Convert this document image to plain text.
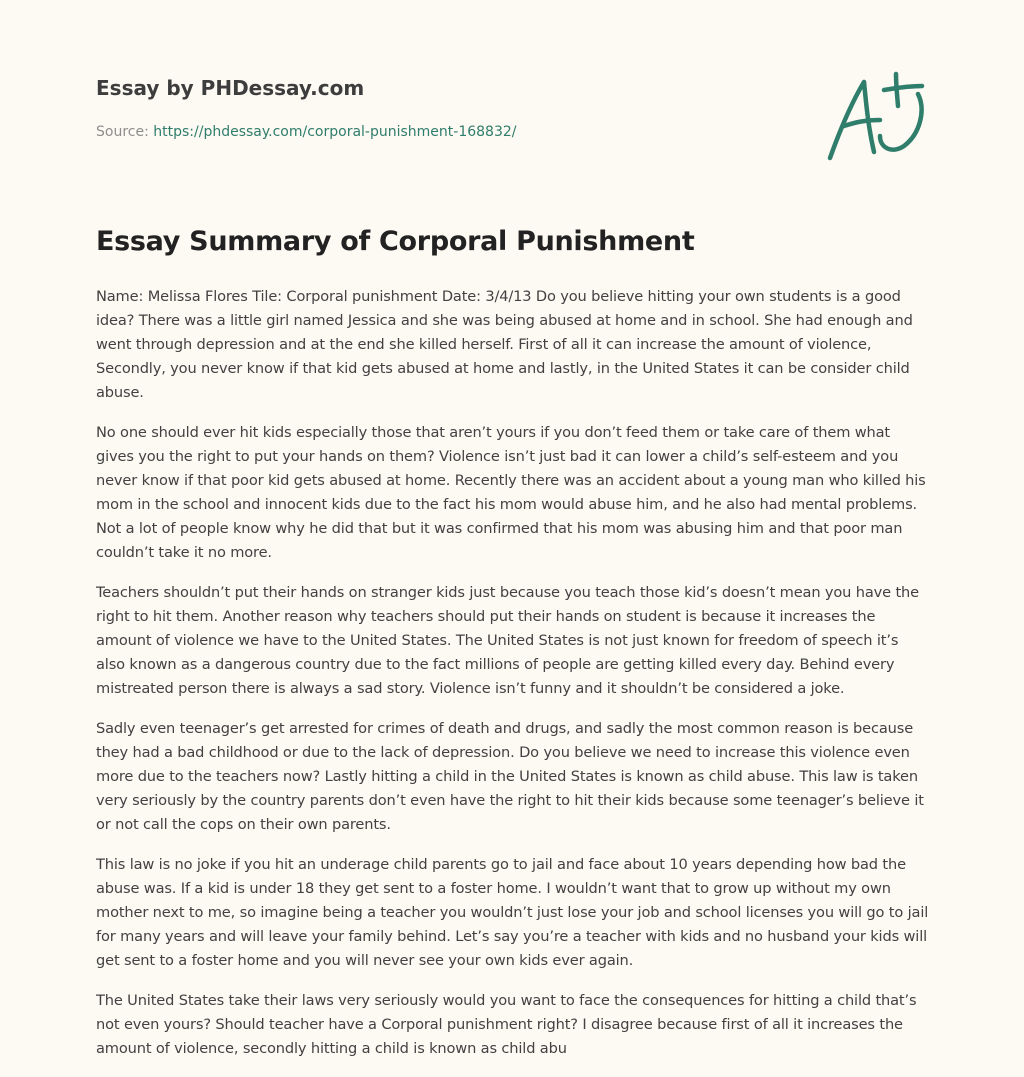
Essay by PHDessay.com
Source: https://phdessay.com/corporal-punishment-168832/
Essay Summary of Corporal Punishment

Name: Melissa Flores Tile: Corporal punishment Date: 3/4/13 Do you believe hitting your own students is a good idea? There was a little girl named Jessica and she was being abused at home and in school. She had enough and went through depression and at the end she killed herself. First of all it can increase the amount of violence, Secondly, you never know if that kid gets abused at home and lastly, in the United States it can be consider child abuse.

No one should ever hit kids especially those that aren’t yours if you don’t feed them or take care of them what gives you the right to put your hands on them? Violence isn’t just bad it can lower a child’s self-esteem and you never know if that poor kid gets abused at home. Recently there was an accident about a young man who killed his mom in the school and innocent kids due to the fact his mom would abuse him, and he also had mental problems. Not a lot of people know why he did that but it was confirmed that his mom was abusing him and that poor man couldn’t take it no more.

Teachers shouldn’t put their hands on stranger kids just because you teach those kid’s doesn’t mean you have the right to hit them. Another reason why teachers should put their hands on student is because it increases the amount of violence we have to the United States. The United States is not just known for freedom of speech it’s also known as a dangerous country due to the fact millions of people are getting killed every day. Behind every mistreated person there is always a sad story. Violence isn’t funny and it shouldn’t be considered a joke.

Sadly even teenager’s get arrested for crimes of death and drugs, and sadly the most common reason is because they had a bad childhood or due to the lack of depression. Do you believe we need to increase this violence even more due to the teachers now? Lastly hitting a child in the United States is known as child abuse. This law is taken very seriously by the country parents don’t even have the right to hit their kids because some teenager’s believe it or not call the cops on their own parents.

This law is no joke if you hit an underage child parents go to jail and face about 10 years depending how bad the abuse was. If a kid is under 18 they get sent to a foster home. I wouldn’t want that to grow up without my own mother next to me, so imagine being a teacher you wouldn’t just lose your job and school licenses you will go to jail for many years and will leave your family behind. Let’s say you’re a teacher with kids and no husband your kids will get sent to a foster home and you will never see your own kids ever again.

The United States take their laws very seriously would you want to face the consequences for hitting a child that’s not even yours? Should teacher have a Corporal punishment right? I disagree because first of all it increases the amount of violence, secondly hitting a child is known as child abu
